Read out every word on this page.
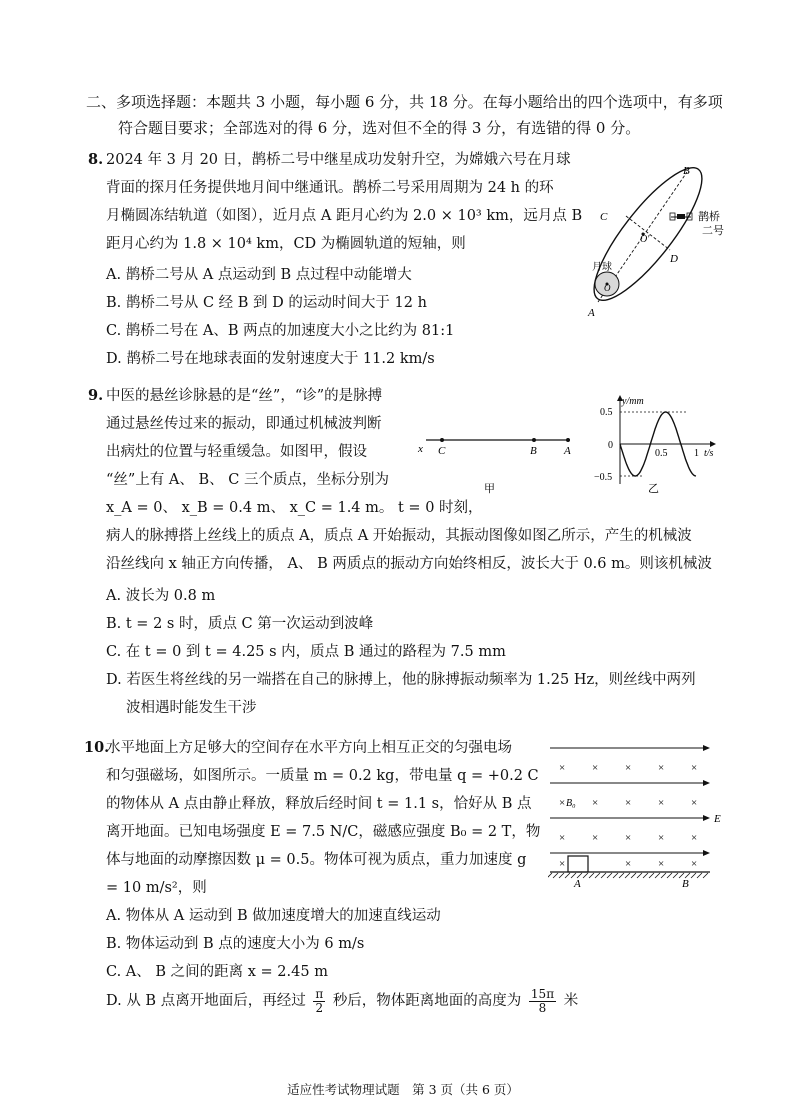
二、多项选择题：本题共 3 小题，每小题 6 分，共 18 分。在每小题给出的四个选项中，有多项
符合题目要求；全部选对的得 6 分，选对但不全的得 3 分，有选错的得 0 分。
8. 2024 年 3 月 20 日，鹊桥二号中继星成功发射升空，为嫦娥六号在月球
背面的探月任务提供地月间中继通讯。鹊桥二号采用周期为 24 h 的环
月椭圆冻结轨道（如图），近月点 A 距月心约为 2.0 × 10³ km，远月点 B
距月心约为 1.8 × 10⁴ km，CD 为椭圆轨道的短轴，则
A. 鹊桥二号从 A 点运动到 B 点过程中动能增大
B. 鹊桥二号从 C 经 B 到 D 的运动时间大于 12 h
C. 鹊桥二号在 A、B 两点的加速度大小之比约为 81:1
D. 鹊桥二号在地球表面的发射速度大于 11.2 km/s
B
C
O′
D
A
O
月球
鹊桥
二号
9. 中医的悬丝诊脉悬的是“丝”，“诊”的是脉搏
通过悬丝传过来的振动，即通过机械波判断
出病灶的位置与轻重缓急。如图甲，假设
“丝”上有 A、 B、 C 三个质点，坐标分别为
x_A = 0、 x_B = 0.4 m、 x_C = 1.4 m。 t = 0 时刻，
病人的脉搏搭上丝线上的质点 A，质点 A 开始振动，其振动图像如图乙所示，产生的机械波
沿丝线向 x 轴正方向传播， A、 B 两质点的振动方向始终相反，波长大于 0.6 m。则该机械波
A. 波长为 0.8 m
B. t = 2 s 时，质点 C 第一次运动到波峰
C. 在 t = 0 到 t = 4.25 s 内，质点 B 通过的路程为 7.5 mm
D. 若医生将丝线的另一端搭在自己的脉搏上，他的脉搏振动频率为 1.25 Hz，则丝线中两列
波相遇时能发生干涉
x C	B A
甲
y/mm
t/s
0.5
0
−0.5
0.5	1
乙
10.
水平地面上方足够大的空间存在水平方向上相互正交的匀强电场
和匀强磁场，如图所示。一质量 m = 0.2 kg，带电量 q = +0.2 C
的物体从 A 点由静止释放，释放后经时间 t = 1.1 s，恰好从 B 点
离开地面。已知电场强度 E = 7.5 N/C，磁感应强度 B₀ = 2 T，物
体与地面的动摩擦因数 μ = 0.5。物体可视为质点，重力加速度 g
= 10 m/s²，则
A. 物体从 A 运动到 B 做加速度增大的加速直线运动
B. 物体运动到 B 点的速度大小为 6 m/s
C. A、 B 之间的距离 x = 2.45 m
D. 从 B 点离开地面后，再经过 $\frac{\pi}{2}$ 秒后，物体距离地面的高度为 $\frac{15\pi}{8}$ 米
× × × × ×
× × × × ×
× × × × ×
×	× × ×
B₀
E
A	B
适应性考试物理试题　第 3 页（共 6 页）
